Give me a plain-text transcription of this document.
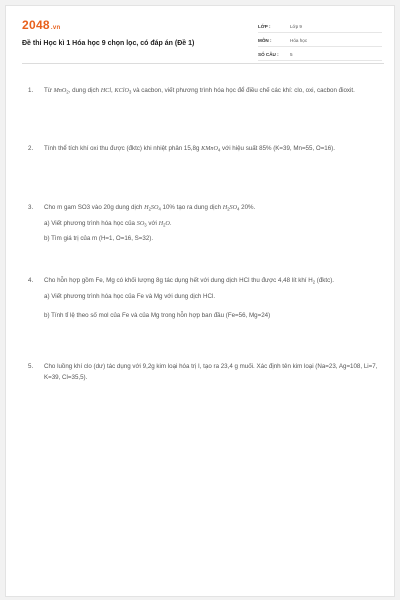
2048.vn
Đề thi Học kì 1 Hóa học 9 chọn lọc, có đáp án (Đề 1)
LỚP :	Lớp 9
MÔN :	Hóa học
SỐ CÂU :	5
1. Từ MnO$_2$, dung dịch HCl, KClO$_3$ và cacbon, viết phương trình hóa học để điều chế các khí: clo, oxi, cacbon đioxit.
2. Tính thể tích khí oxi thu được (đktc) khi nhiệt phân 15,8g KMnO$_4$ với hiệu suất 85% (K=39, Mn=55, O=16).
3. Cho m gam SO3 vào 20g dung dịch $H_2SO_4$ 10% tạo ra dung dịch $H_2SO_4$ 20%.
a) Viết phương trình hóa học của $SO_3$ với $H_2O$.
b) Tìm giá trị của m (H=1, O=16, S=32).
4. Cho hỗn hợp gồm Fe, Mg có khối lượng 8g tác dụng hết với dung dịch HCl thu được 4,48 lít khí $H_2$ (đktc).
a) Viết phương trình hóa học của Fe và Mg với dung dịch HCl.
b) Tính tỉ lệ theo số mol của Fe và của Mg trong hỗn hợp ban đầu (Fe=56, Mg=24)
5. Cho luồng khí clo (dư) tác dụng với 9,2g kim loại hóa trị I, tạo ra 23,4 g muối. Xác định tên kim loại (Na=23, Ag=108, Li=7, K=39, Cl=35,5).
